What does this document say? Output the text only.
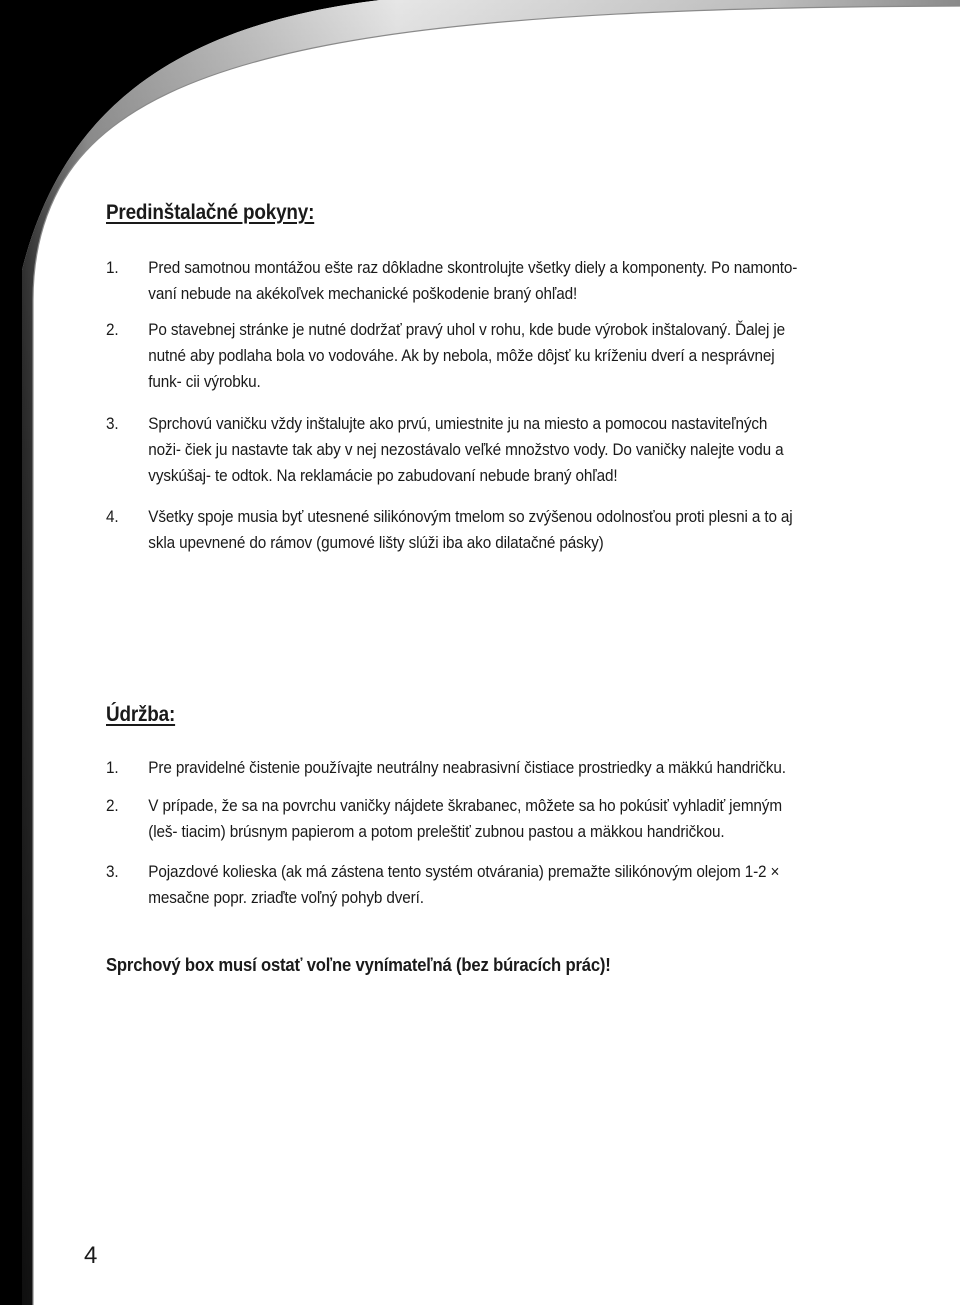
Predinštalačné pokyny:
1. Pred samotnou montážou ešte raz dôkladne skontrolujte všetky diely a komponenty. Po namonto- vaní nebude na akékoľvek mechanické poškodenie braný ohľad!
2. Po stavebnej stránke je nutné dodržať pravý uhol v rohu, kde bude výrobok inštalovaný. Ďalej je nutné aby podlaha bola vo vodováhe. Ak by nebola, môže dôjsť ku kríženiu dverí a nesprávnej funk- cii výrobku.
3. Sprchovú vaničku vždy inštalujte ako prvú, umiestnite ju na miesto a pomocou nastaviteľných noži- čiek ju nastavte tak aby v nej nezostávalo veľké množstvo vody. Do vaničky nalejte vodu a vyskúšaj- te odtok. Na reklamácie po zabudovaní nebude braný ohľad!
4. Všetky spoje musia byť utesnené silikónovým tmelom so zvýšenou odolnosťou proti plesni a to aj skla upevnené do rámov (gumové lišty slúži iba ako dilatačné pásky)
Údržba:
1. Pre pravidelné čistenie používajte neutrálny neabrasivní čistiace prostriedky a mäkkú handričku.
2. V prípade, že sa na povrchu vaničky nájdete škrabanec, môžete sa ho pokúsiť vyhladiť jemným (leš- tiacim) brúsnym papierom a potom preleštiť zubnou pastou a mäkkou handričkou.
3. Pojazdové kolieska (ak má zástena tento systém otvárania) premažte silikónovým olejom 1-2 × mesačne popr. zriaďte voľný pohyb dverí.

Sprchový box musí ostať voľne vynímateľná (bez búracích prác)!

4
